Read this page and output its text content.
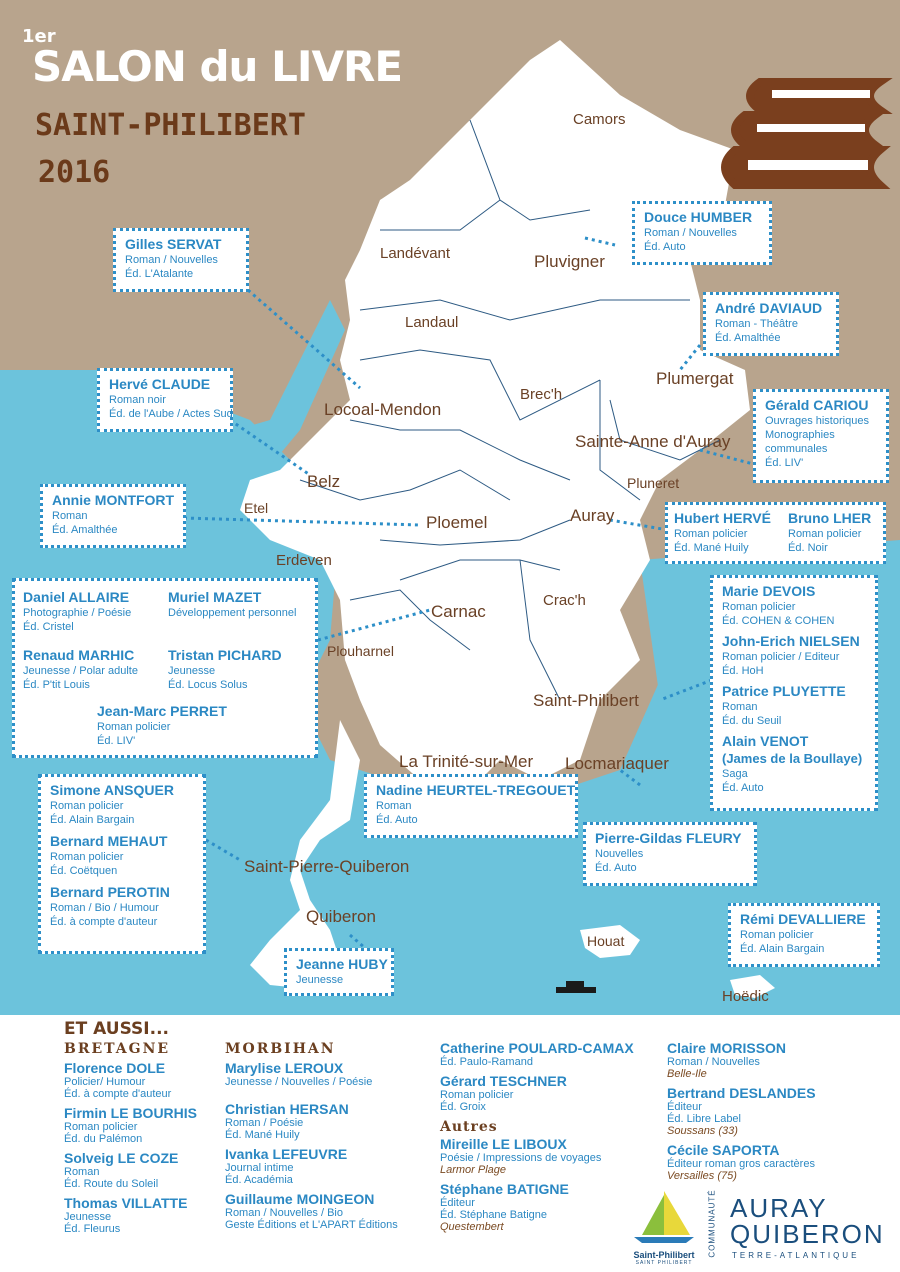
1er
SALON du LIVRE
SAINT-PHILIBERT
2016
Camors
Landévant	Pluvigner
Landaul
Locoal-Mendon
Brec'h
Plumergat
Sainte-Anne d'Auray
Pluneret
Belz
Etel
Ploemel	Auray
Erdeven
Crac'h
Carnac
Plouharnel
Saint-Philibert
La Trinité-sur-Mer Locmariaquer
Saint-Pierre-Quiberon
Quiberon
Houat
Hoëdic
Gilles SERVAT
Roman / Nouvelles
Éd. L'Atalante
Douce HUMBER
Roman / Nouvelles
Éd. Auto
André DAVIAUD
Roman - Théâtre
Éd. Amalthée
Hervé CLAUDE
Roman noir
Éd. de l'Aube / Actes Sud
Gérald CARIOU
Ouvrages historiques
Monographies
communales
Éd. LIV'
Annie MONTFORT
Roman
Éd. Amalthée
Hubert HERVÉ
Roman policier
Éd. Mané Huily
Bruno LHER
Roman policier
Éd. Noir
Daniel ALLAIRE
Photographie / Poésie
Éd. Cristel
Muriel MAZET
Développement personnel
Renaud MARHIC
Jeunesse / Polar adulte
Éd. P'tit Louis
Tristan PICHARD
Jeunesse
Éd. Locus Solus
Jean-Marc PERRET
Roman policier
Éd. LIV'
Marie DEVOIS
Roman policier
Éd. COHEN & COHEN
John-Erich NIELSEN
Roman policier / Editeur
Éd. HoH
Patrice PLUYETTE
Roman
Éd. du Seuil
Alain VENOT
(James de la Boullaye)
Saga
Éd. Auto
Nadine HEURTEL-TREGOUET
Roman
Éd. Auto
Simone ANSQUER
Roman policier
Éd. Alain Bargain
Bernard MEHAUT
Roman policier
Éd. Coëtquen
Bernard PEROTIN
Roman / Bio / Humour
Éd. à compte d'auteur
Pierre-Gildas FLEURY
Nouvelles
Éd. Auto
Rémi DEVALLIERE
Roman policier
Éd. Alain Bargain
Jeanne HUBY
Jeunesse
ET AUSSI...
BRETAGNE
Florence DOLE
Policier/ Humour
Éd. à compte d'auteur
Firmin LE BOURHIS
Roman policier
Éd. du Palémon
Solveig LE COZE
Roman
Éd. Route du Soleil
Thomas VILLATTE
Jeunesse
Éd. Fleurus
MORBIHAN
Marylise LEROUX
Jeunesse / Nouvelles / Poésie
Christian HERSAN
Roman / Poésie
Éd. Mané Huily
Ivanka LEFEUVRE
Journal intime
Éd. Académia
Guillaume MOINGEON
Roman / Nouvelles / Bio
Geste Éditions et L'APART Éditions
Catherine POULARD-CAMAX
Éd. Paulo-Ramand
Gérard TESCHNER
Roman policier
Éd. Groix
Autres
Mireille LE LIBOUX
Poésie / Impressions de voyages
Larmor Plage
Stéphane BATIGNE
Éditeur
Éd. Stéphane Batigne
Questembert
Claire MORISSON
Roman / Nouvelles
Belle-Ile
Bertrand DESLANDES
Éditeur
Éd. Libre Label
Soussans (33)
Cécile SAPORTA
Éditeur roman gros caractères
Versailles (75)
Saint-Philibert
SAINT PHILIBERT
COMMUNAUTÉ AURAY
QUIBERON
TERRE-ATLANTIQUE
